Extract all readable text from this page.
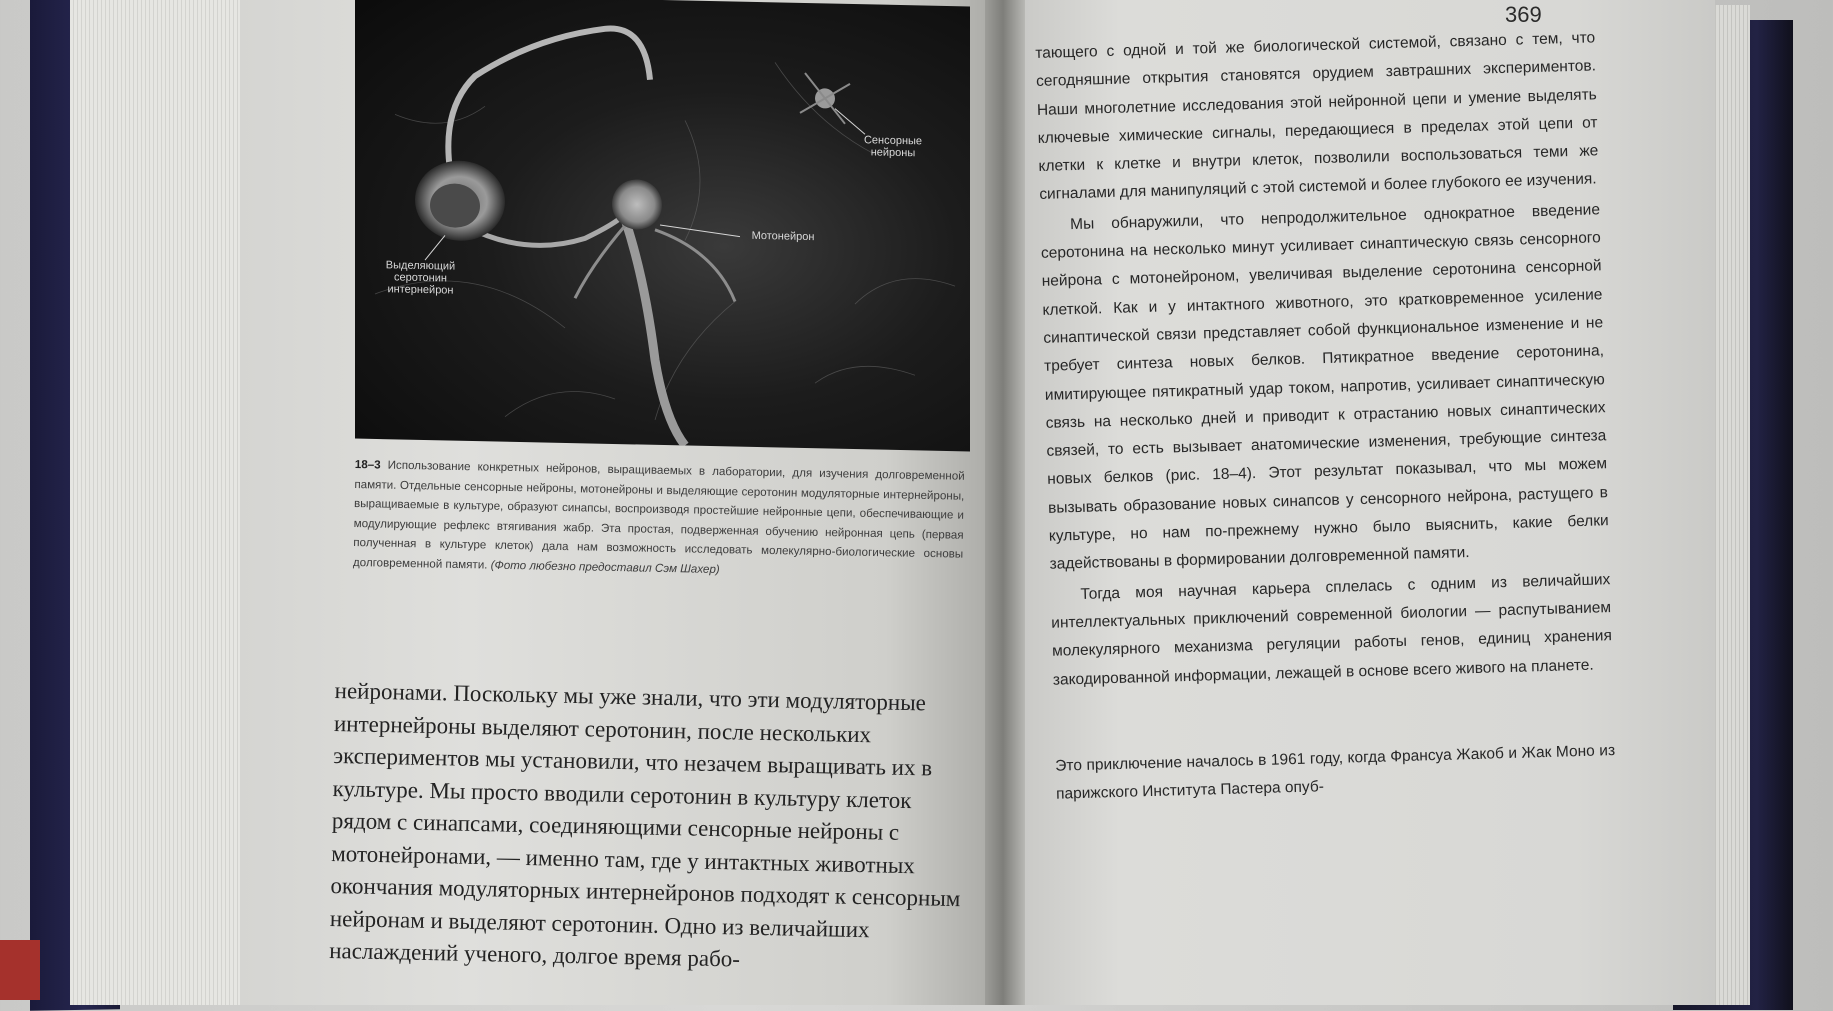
Выделяющий серотонин интернейрон
Мотонейрон
Сенсорные нейроны
18–3 Использование конкретных нейронов, выращиваемых в лаборатории, для изучения долговременной памяти. Отдельные сенсорные нейроны, мотонейроны и выделяющие серотонин модуляторные интернейроны, выращиваемые в культуре, образуют синапсы, воспроизводя простейшие нейронные цепи, обеспечивающие и модулирующие рефлекс втягивания жабр. Эта простая, подверженная обучению нейронная цепь (первая полученная в культуре клеток) дала нам возможность исследовать молекулярно-биологические основы долговременной памяти. (Фото любезно предоставил Сэм Шахер)

нейронами. Поскольку мы уже знали, что эти модуляторные интернейроны выделяют серотонин, после нескольких экспериментов мы установили, что незачем выращивать их в культуре. Мы просто вводили серотонин в культуру клеток рядом с синапсами, соединяющими сенсорные нейроны с мотонейронами, — именно там, где у интактных животных окончания модуляторных интернейронов подходят к сенсорным нейронам и выделяют серотонин. Одно из величайших наслаждений ученого, долгое время рабо-

369

тающего с одной и той же биологической системой, связано с тем, что сегодняшние открытия становятся орудием завтрашних экспериментов. Наши многолетние исследования этой нейронной цепи и умение выделять ключевые химические сигналы, передающиеся в пределах этой цепи от клетки к клетке и внутри клеток, позволили воспользоваться теми же сигналами для манипуляций с этой системой и более глубокого ее изучения.

Мы обнаружили, что непродолжительное однократное введение серотонина на несколько минут усиливает синаптическую связь сенсорного нейрона с мотонейроном, увеличивая выделение серотонина сенсорной клеткой. Как и у интактного животного, это кратковременное усиление синаптической связи представляет собой функциональное изменение и не требует синтеза новых белков. Пятикратное введение серотонина, имитирующее пятикратный удар током, напротив, усиливает синаптическую связь на несколько дней и приводит к отрастанию новых синаптических связей, то есть вызывает анатомические изменения, требующие синтеза новых белков (рис. 18–4). Этот результат показывал, что мы можем вызывать образование новых синапсов у сенсорного нейрона, растущего в культуре, но нам по-прежнему нужно было выяснить, какие белки задействованы в формировании долговременной памяти.

Тогда моя научная карьера сплелась с одним из величайших интеллектуальных приключений современной биологии — распутыванием молекулярного механизма регуляции работы генов, единиц хранения закодированной информации, лежащей в основе всего живого на планете.

Это приключение началось в 1961 году, когда Франсуа Жакоб и Жак Моно из парижского Института Пастера опуб-
